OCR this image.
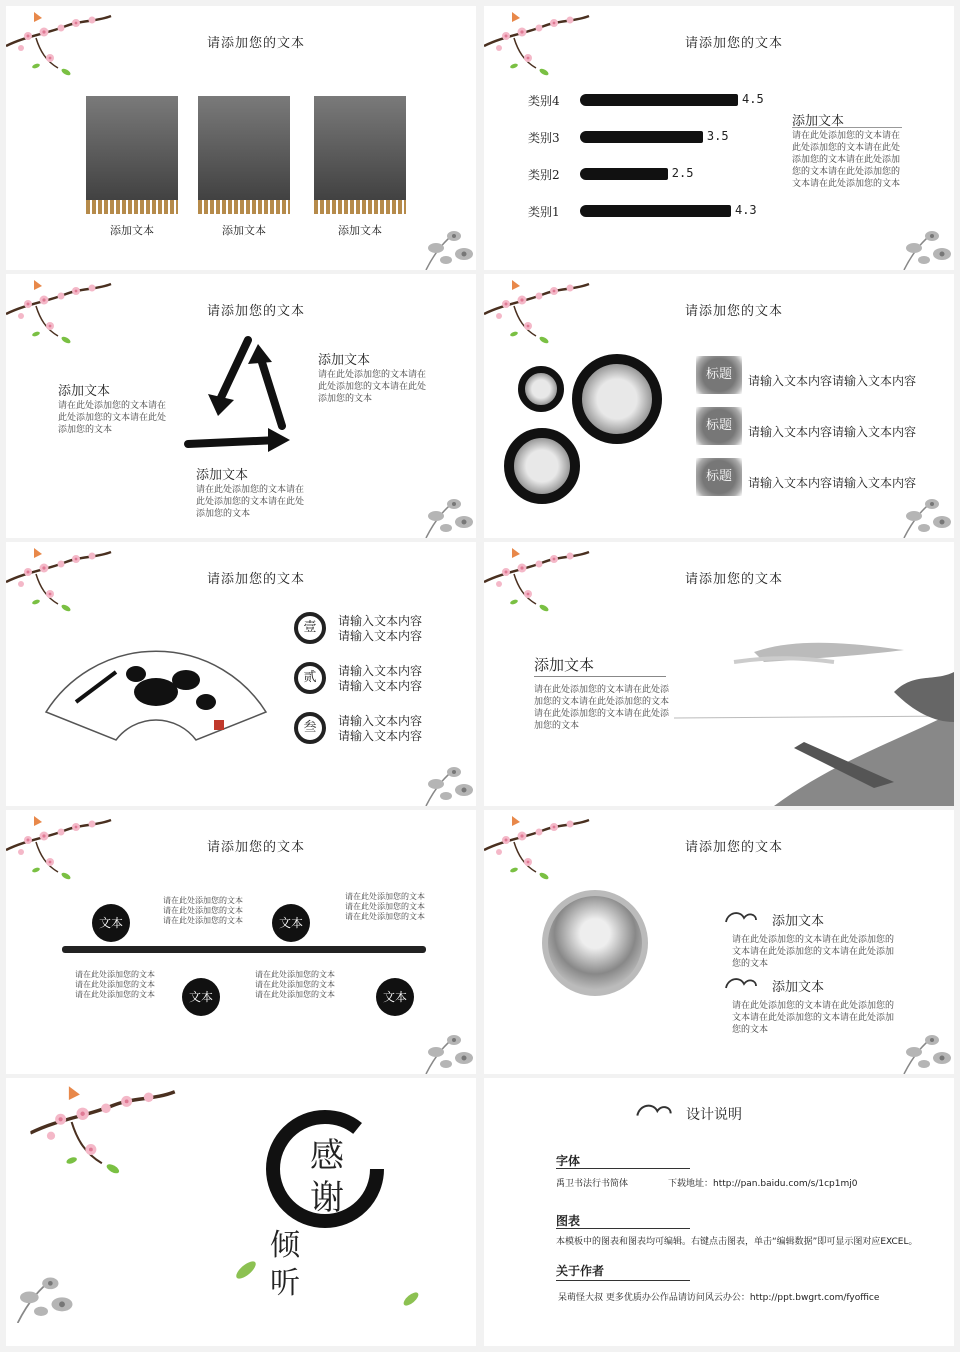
请添加您的文本
添加文本	添加文本	添加文本
请添加您的文本
类别4	4.5
类别3	3.5
类别2	2.5
类别1	4.3
添加文本
请在此处添加您的文本请在此处添加您的文本请在此处添加您的文本请在此处添加您的文本请在此处添加您的文本请在此处添加您的文本
请添加您的文本
添加文本
请在此处添加您的文本请在此处添加您的文本请在此处添加您的文本
添加文本
请在此处添加您的文本请在此处添加您的文本请在此处添加您的文本
添加文本
请在此处添加您的文本请在此处添加您的文本请在此处添加您的文本
请添加您的文本
标题	请输入文本内容请输入文本内容
标题	请输入文本内容请输入文本内容
标题	请输入文本内容请输入文本内容
请添加您的文本
壹	请输入文本内容
请输入文本内容
贰	请输入文本内容
请输入文本内容
叁	请输入文本内容
请输入文本内容
请添加您的文本
添加文本
请在此处添加您的文本请在此处添加您的文本请在此处添加您的文本请在此处添加您的文本请在此处添加您的文本
请添加您的文本
文本	文本
文本	文本
请在此处添加您的文本请在此处添加您的文本请在此处添加您的文本
请在此处添加您的文本请在此处添加您的文本请在此处添加您的文本
请在此处添加您的文本请在此处添加您的文本请在此处添加您的文本
请在此处添加您的文本请在此处添加您的文本请在此处添加您的文本
请添加您的文本
添加文本
请在此处添加您的文本请在此处添加您的文本请在此处添加您的文本请在此处添加您的文本
添加文本
请在此处添加您的文本请在此处添加您的文本请在此处添加您的文本请在此处添加您的文本
感
谢
倾
听
设计说明
字体
禹卫书法行书简体	下载地址：http://pan.baidu.com/s/1cp1mj0
图表
本模板中的图表和图表均可编辑。右键点击图表，单击“编辑数据”即可显示图对应EXCEL。
关于作者
呆萌怪大叔 更多优质办公作品请访问风云办公：http://ppt.bwgrt.com/fyoffice
